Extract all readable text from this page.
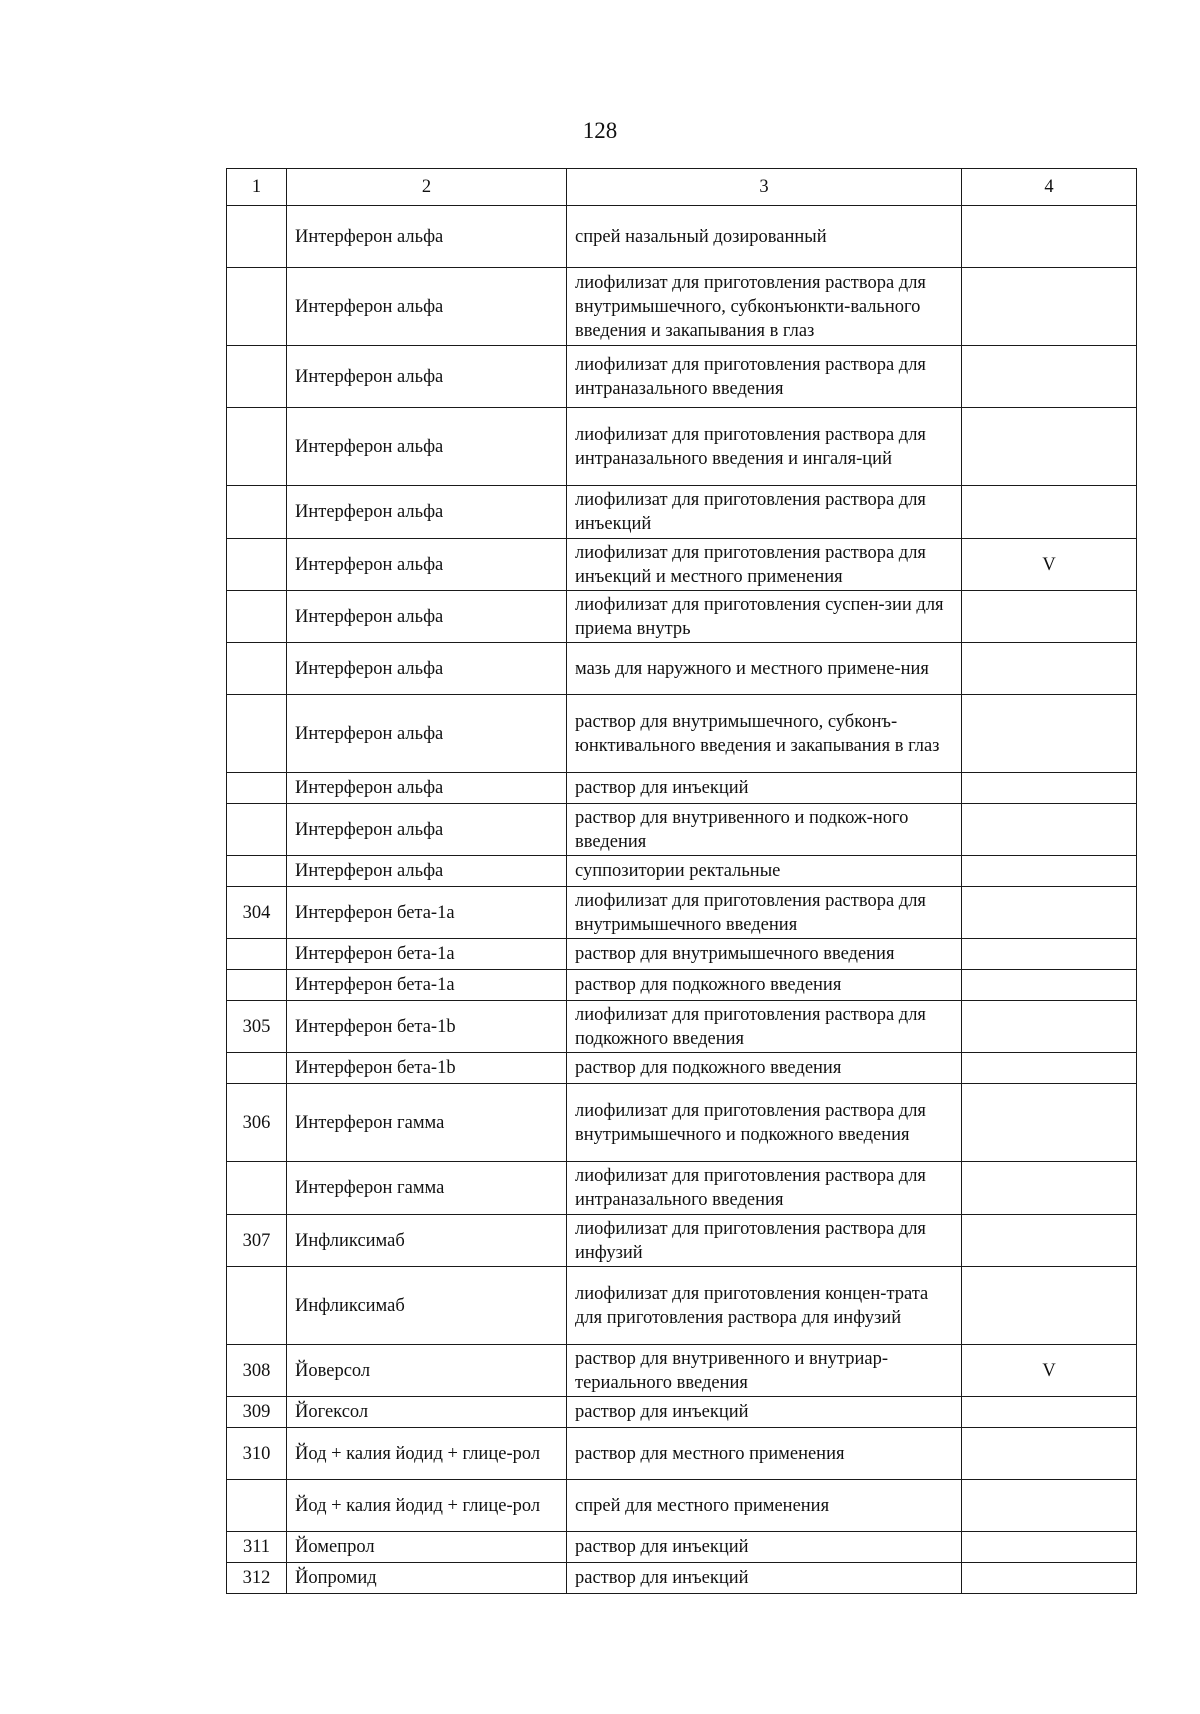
128
1	2	3	4
	Интерферон альфа	спрей назальный дозированный	
	Интерферон альфа	лиофилизат для приготовления раствора для внутримышечного, субконъюнкти-вального введения и закапывания в глаз	
	Интерферон альфа	лиофилизат для приготовления раствора для интраназального введения	
	Интерферон альфа	лиофилизат для приготовления раствора для интраназального введения и ингаля-ций	
	Интерферон альфа	лиофилизат для приготовления раствора для инъекций	
	Интерферон альфа	лиофилизат для приготовления раствора для инъекций и местного применения	V
	Интерферон альфа	лиофилизат для приготовления суспен-зии для приема внутрь	
	Интерферон альфа	мазь для наружного и местного примене-ния	
	Интерферон альфа	раствор для внутримышечного, субконъ-юнктивального введения и закапывания в глаз	
	Интерферон альфа	раствор для инъекций	
	Интерферон альфа	раствор для внутривенного и подкож-ного введения	
	Интерферон альфа	суппозитории ректальные	
304	Интерферон бета-1a	лиофилизат для приготовления раствора для внутримышечного введения	
	Интерферон бета-1a	раствор для внутримышечного введения	
	Интерферон бета-1a	раствор для подкожного введения	
305	Интерферон бета-1b	лиофилизат для приготовления раствора для подкожного введения	
	Интерферон бета-1b	раствор для подкожного введения	
306	Интерферон гамма	лиофилизат для приготовления раствора для внутримышечного и подкожного введения	
	Интерферон гамма	лиофилизат для приготовления раствора для интраназального введения	
307	Инфликсимаб	лиофилизат для приготовления раствора для инфузий	
	Инфликсимаб	лиофилизат для приготовления концен-трата для приготовления раствора для инфузий	
308	Йоверсол	раствор для внутривенного и внутриар-териального введения	V
309	Йогексол	раствор для инъекций	
310	Йод + калия йодид + глице-рол	раствор для местного применения	
	Йод + калия йодид + глице-рол	спрей для местного применения	
311	Йомепрол	раствор для инъекций	
312	Йопромид	раствор для инъекций	
